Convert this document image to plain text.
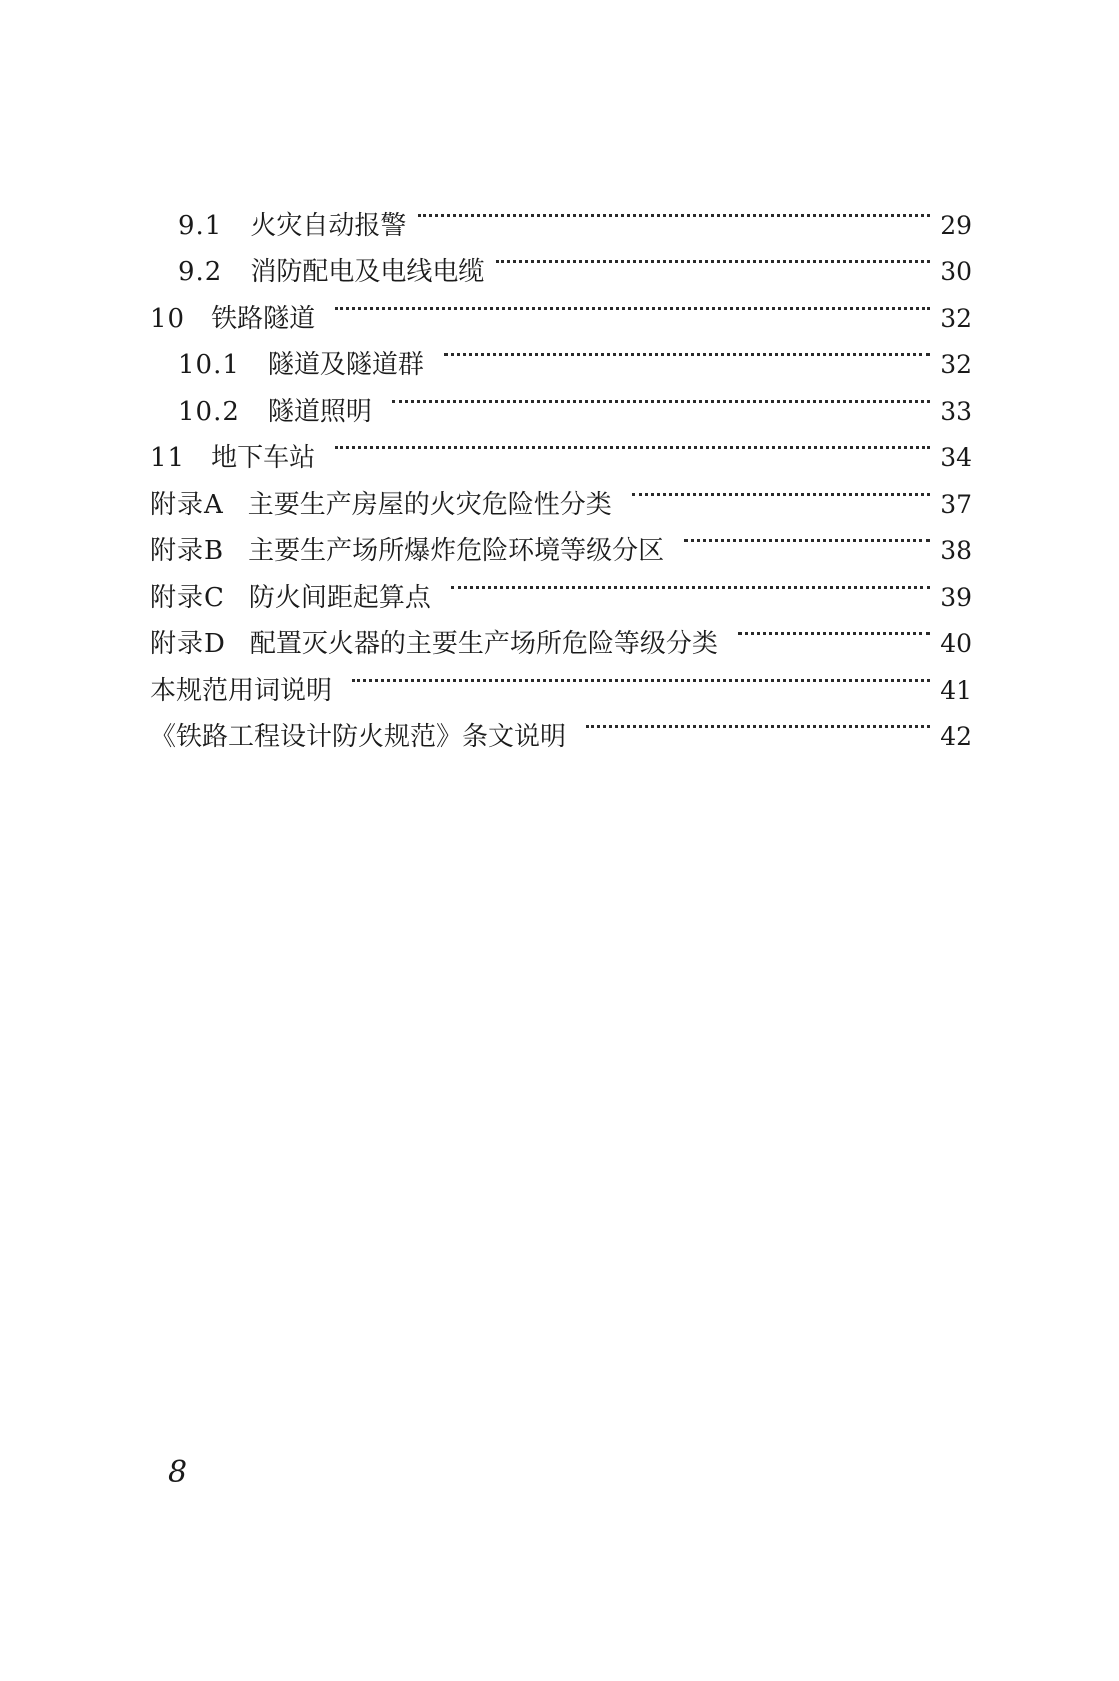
9.1 火灾自动报警	29
9.2 消防配电及电线电缆	30
10 铁路隧道	32
10.1 隧道及隧道群	32
10.2 隧道照明	33
11 地下车站	34
附录A 主要生产房屋的火灾危险性分类	37
附录B 主要生产场所爆炸危险环境等级分区	38
附录C 防火间距起算点	39
附录D 配置灭火器的主要生产场所危险等级分类	40
本规范用词说明	41
《铁路工程设计防火规范》条文说明	42
8
